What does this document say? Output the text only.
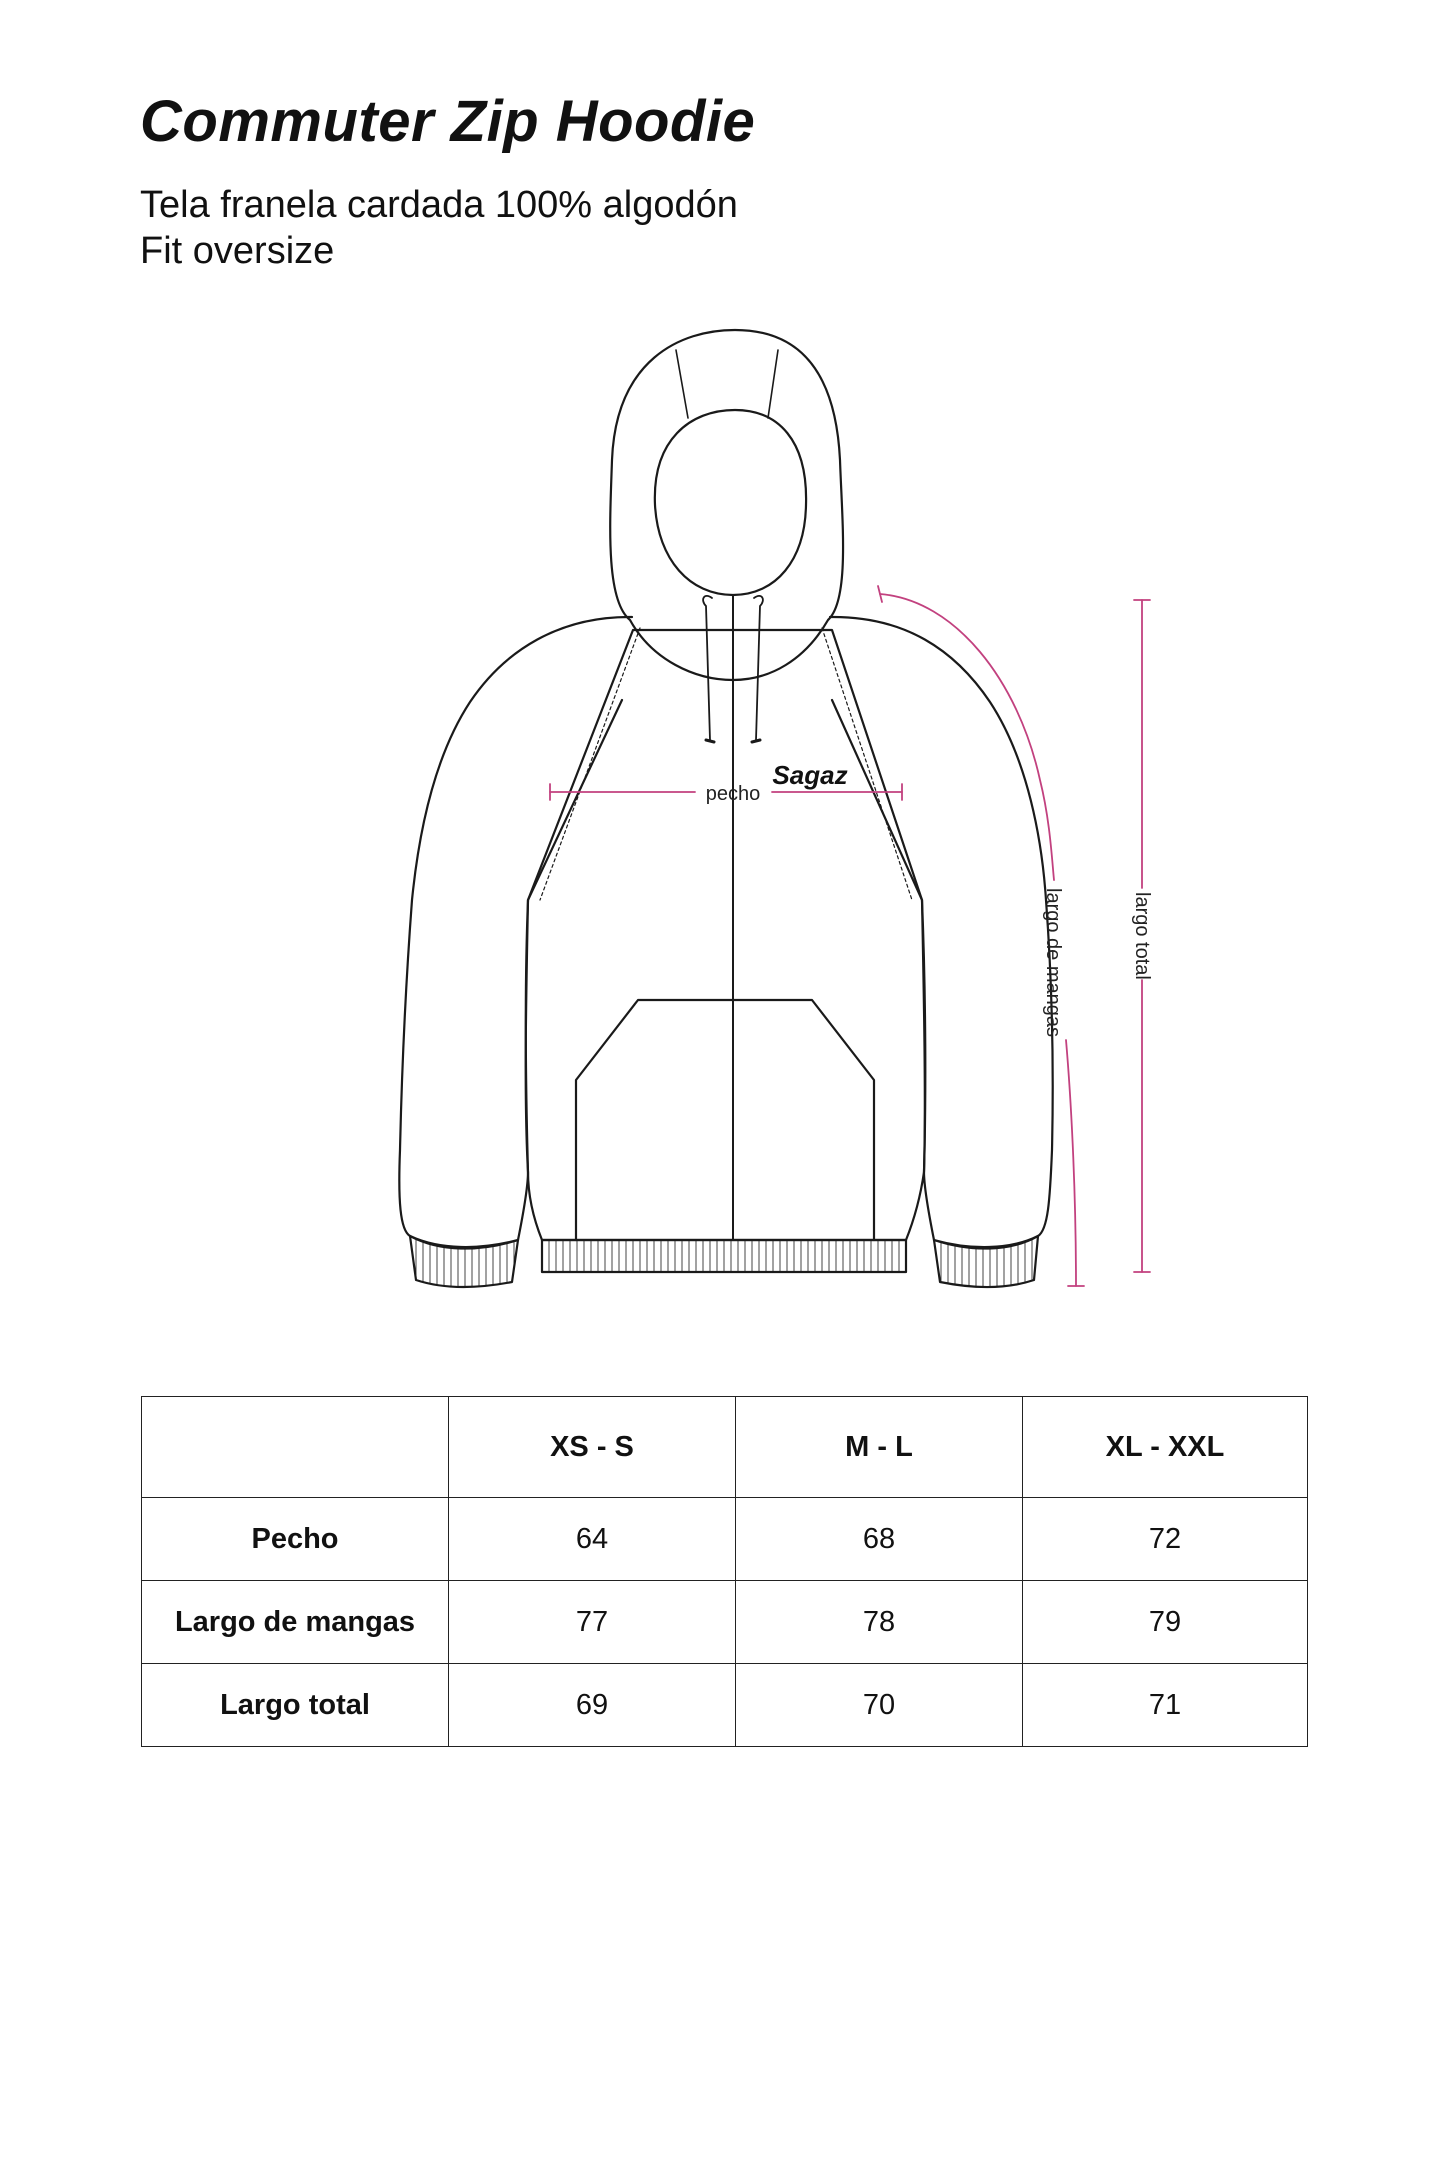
Commuter Zip Hoodie
Tela franela cardada 100% algodón
Fit oversize
Sagaz
pecho
largo de mangas	largo total
	XS - S	M - L	XL - XXL
Pecho	64	68	72
Largo de mangas	77	78	79
Largo total	69	70	71
